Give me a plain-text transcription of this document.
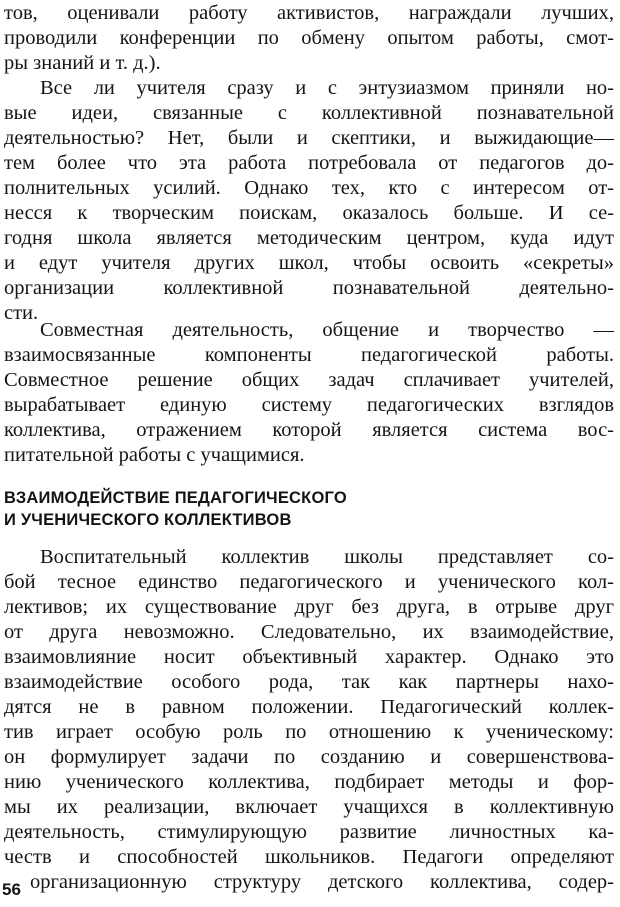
тов, оценивали работу активистов, награждали лучших,
проводили конференции по обмену опытом работы, смот-
ры знаний и т. д.).
Все ли учителя сразу и с энтузиазмом приняли но-
вые идеи, связанные с коллективной познавательной
деятельностью? Нет, были и скептики, и выжидающие—
тем более что эта работа потребовала от педагогов до-
полнительных усилий. Однако тех, кто с интересом от-
несся к творческим поискам, оказалось больше. И се-
годня школа является методическим центром, куда идут
и едут учителя других школ, чтобы освоить «секреты»
организации коллективной познавательной деятельно-
сти.
Совместная деятельность, общение и творчество —
взаимосвязанные компоненты педагогической работы.
Совместное решение общих задач сплачивает учителей,
вырабатывает единую систему педагогических взглядов
коллектива, отражением которой является система вос-
питательной работы с учащимися.
ВЗАИМОДЕЙСТВИЕ ПЕДАГОГИЧЕСКОГО
И УЧЕНИЧЕСКОГО КОЛЛЕКТИВОВ
Воспитательный коллектив школы представляет со-
бой тесное единство педагогического и ученического кол-
лективов; их существование друг без друга, в отрыве друг
от друга невозможно. Следовательно, их взаимодействие,
взаимовлияние носит объективный характер. Однако это
взаимодействие особого рода, так как партнеры нахо-
дятся не в равном положении. Педагогический коллек-
тив играет особую роль по отношению к ученическому:
он формулирует задачи по созданию и совершенствова-
нию ученического коллектива, подбирает методы и фор-
мы их реализации, включает учащихся в коллективную
деятельность, стимулирующую развитие личностных ка-
честв и способностей школьников. Педагоги определяют
организационную структуру детского коллектива, содер-
56
